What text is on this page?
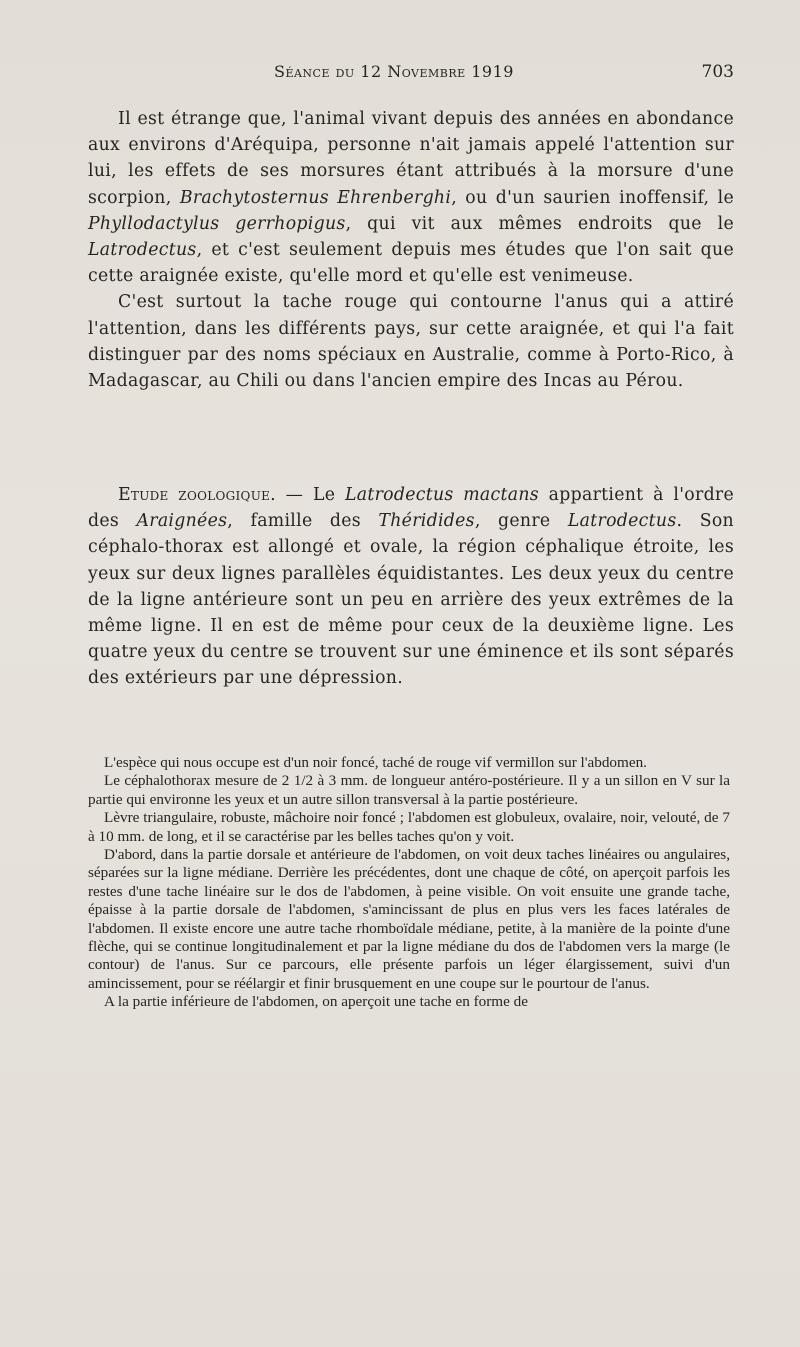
Séance du 12 Novembre 1919	703

Il est étrange que, l'animal vivant depuis des années en abondance aux environs d'Aréquipa, personne n'ait jamais appelé l'attention sur lui, les effets de ses morsures étant attribués à la morsure d'une scorpion, Brachytosternus Ehrenberghi, ou d'un saurien inoffensif, le Phyllodactylus gerrhopigus, qui vit aux mêmes endroits que le Latrodectus, et c'est seulement depuis mes études que l'on sait que cette araignée existe, qu'elle mord et qu'elle est venimeuse.

C'est surtout la tache rouge qui contourne l'anus qui a attiré l'attention, dans les différents pays, sur cette araignée, et qui l'a fait distinguer par des noms spéciaux en Australie, comme à Porto-Rico, à Madagascar, au Chili ou dans l'ancien empire des Incas au Pérou.

Etude zoologique. — Le Latrodectus mactans appartient à l'ordre des Araignées, famille des Théridides, genre Latrodectus. Son céphalo-thorax est allongé et ovale, la région céphalique étroite, les yeux sur deux lignes parallèles équidistantes. Les deux yeux du centre de la ligne antérieure sont un peu en arrière des yeux extrêmes de la même ligne. Il en est de même pour ceux de la deuxième ligne. Les quatre yeux du centre se trouvent sur une éminence et ils sont séparés des extérieurs par une dépression.

L'espèce qui nous occupe est d'un noir foncé, taché de rouge vif vermillon sur l'abdomen.

Le céphalothorax mesure de 2 1/2 à 3 mm. de longueur antéro-postérieure. Il y a un sillon en V sur la partie qui environne les yeux et un autre sillon transversal à la partie postérieure.

Lèvre triangulaire, robuste, mâchoire noir foncé ; l'abdomen est globuleux, ovalaire, noir, velouté, de 7 à 10 mm. de long, et il se caractérise par les belles taches qu'on y voit.

D'abord, dans la partie dorsale et antérieure de l'abdomen, on voit deux taches linéaires ou angulaires, séparées sur la ligne médiane. Derrière les précédentes, dont une chaque de côté, on aperçoit parfois les restes d'une tache linéaire sur le dos de l'abdomen, à peine visible. On voit ensuite une grande tache, épaisse à la partie dorsale de l'abdomen, s'amincissant de plus en plus vers les faces latérales de l'abdomen. Il existe encore une autre tache rhomboïdale médiane, petite, à la manière de la pointe d'une flèche, qui se continue longitudinalement et par la ligne médiane du dos de l'abdomen vers la marge (le contour) de l'anus. Sur ce parcours, elle présente parfois un léger élargissement, suivi d'un amincissement, pour se réélargir et finir brusquement en une coupe sur le pourtour de l'anus.

A la partie inférieure de l'abdomen, on aperçoit une tache en forme de
